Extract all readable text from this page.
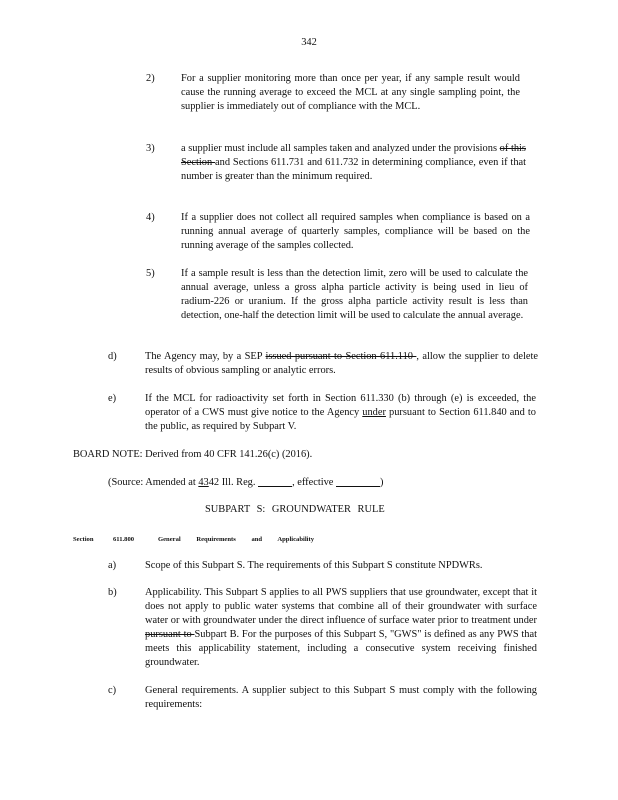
342
2)	For a supplier monitoring more than once per year, if any sample result would cause the running average to exceed the MCL at any single sampling point, the supplier is immediately out of compliance with the MCL.
3)	a supplier must include all samples taken and analyzed under the provisions of this Section and Sections 611.731 and 611.732 in determining compliance, even if that number is greater than the minimum required.
4)	If a supplier does not collect all required samples when compliance is based on a running annual average of quarterly samples, compliance will be based on the running average of the samples collected.
5)	If a sample result is less than the detection limit, zero will be used to calculate the annual average, unless a gross alpha particle activity is being used in lieu of radium-226 or uranium. If the gross alpha particle activity result is less than detection, one-half the detection limit will be used to calculate the annual average.
d)	The Agency may, by a SEP issued pursuant to Section 611.110 , allow the supplier to delete results of obvious sampling or analytic errors.
e)	If the MCL for radioactivity set forth in Section 611.330 (b) through (e) is exceeded, the operator of a CWS must give notice to the Agency under pursuant to Section 611.840 and to the public, as required by Subpart V.
BOARD NOTE: Derived from 40 CFR 141.26(c) (2016).
(Source: Amended at 4342 Ill. Reg.	, effective	)
SUBPART S: GROUNDWATER RULE
Section	611.800	General Requirements and Applicability
a)	Scope of this Subpart S. The requirements of this Subpart S constitute NPDWRs.
b)	Applicability. This Subpart S applies to all PWS suppliers that use groundwater, except that it does not apply to public water systems that combine all of their groundwater with surface water or with groundwater under the direct influence of surface water prior to treatment under pursuant to Subpart B. For the purposes of this Subpart S, "GWS" is defined as any PWS that meets this applicability statement, including a consecutive system receiving finished groundwater.
c)	General requirements. A supplier subject to this Subpart S must comply with the following requirements:
